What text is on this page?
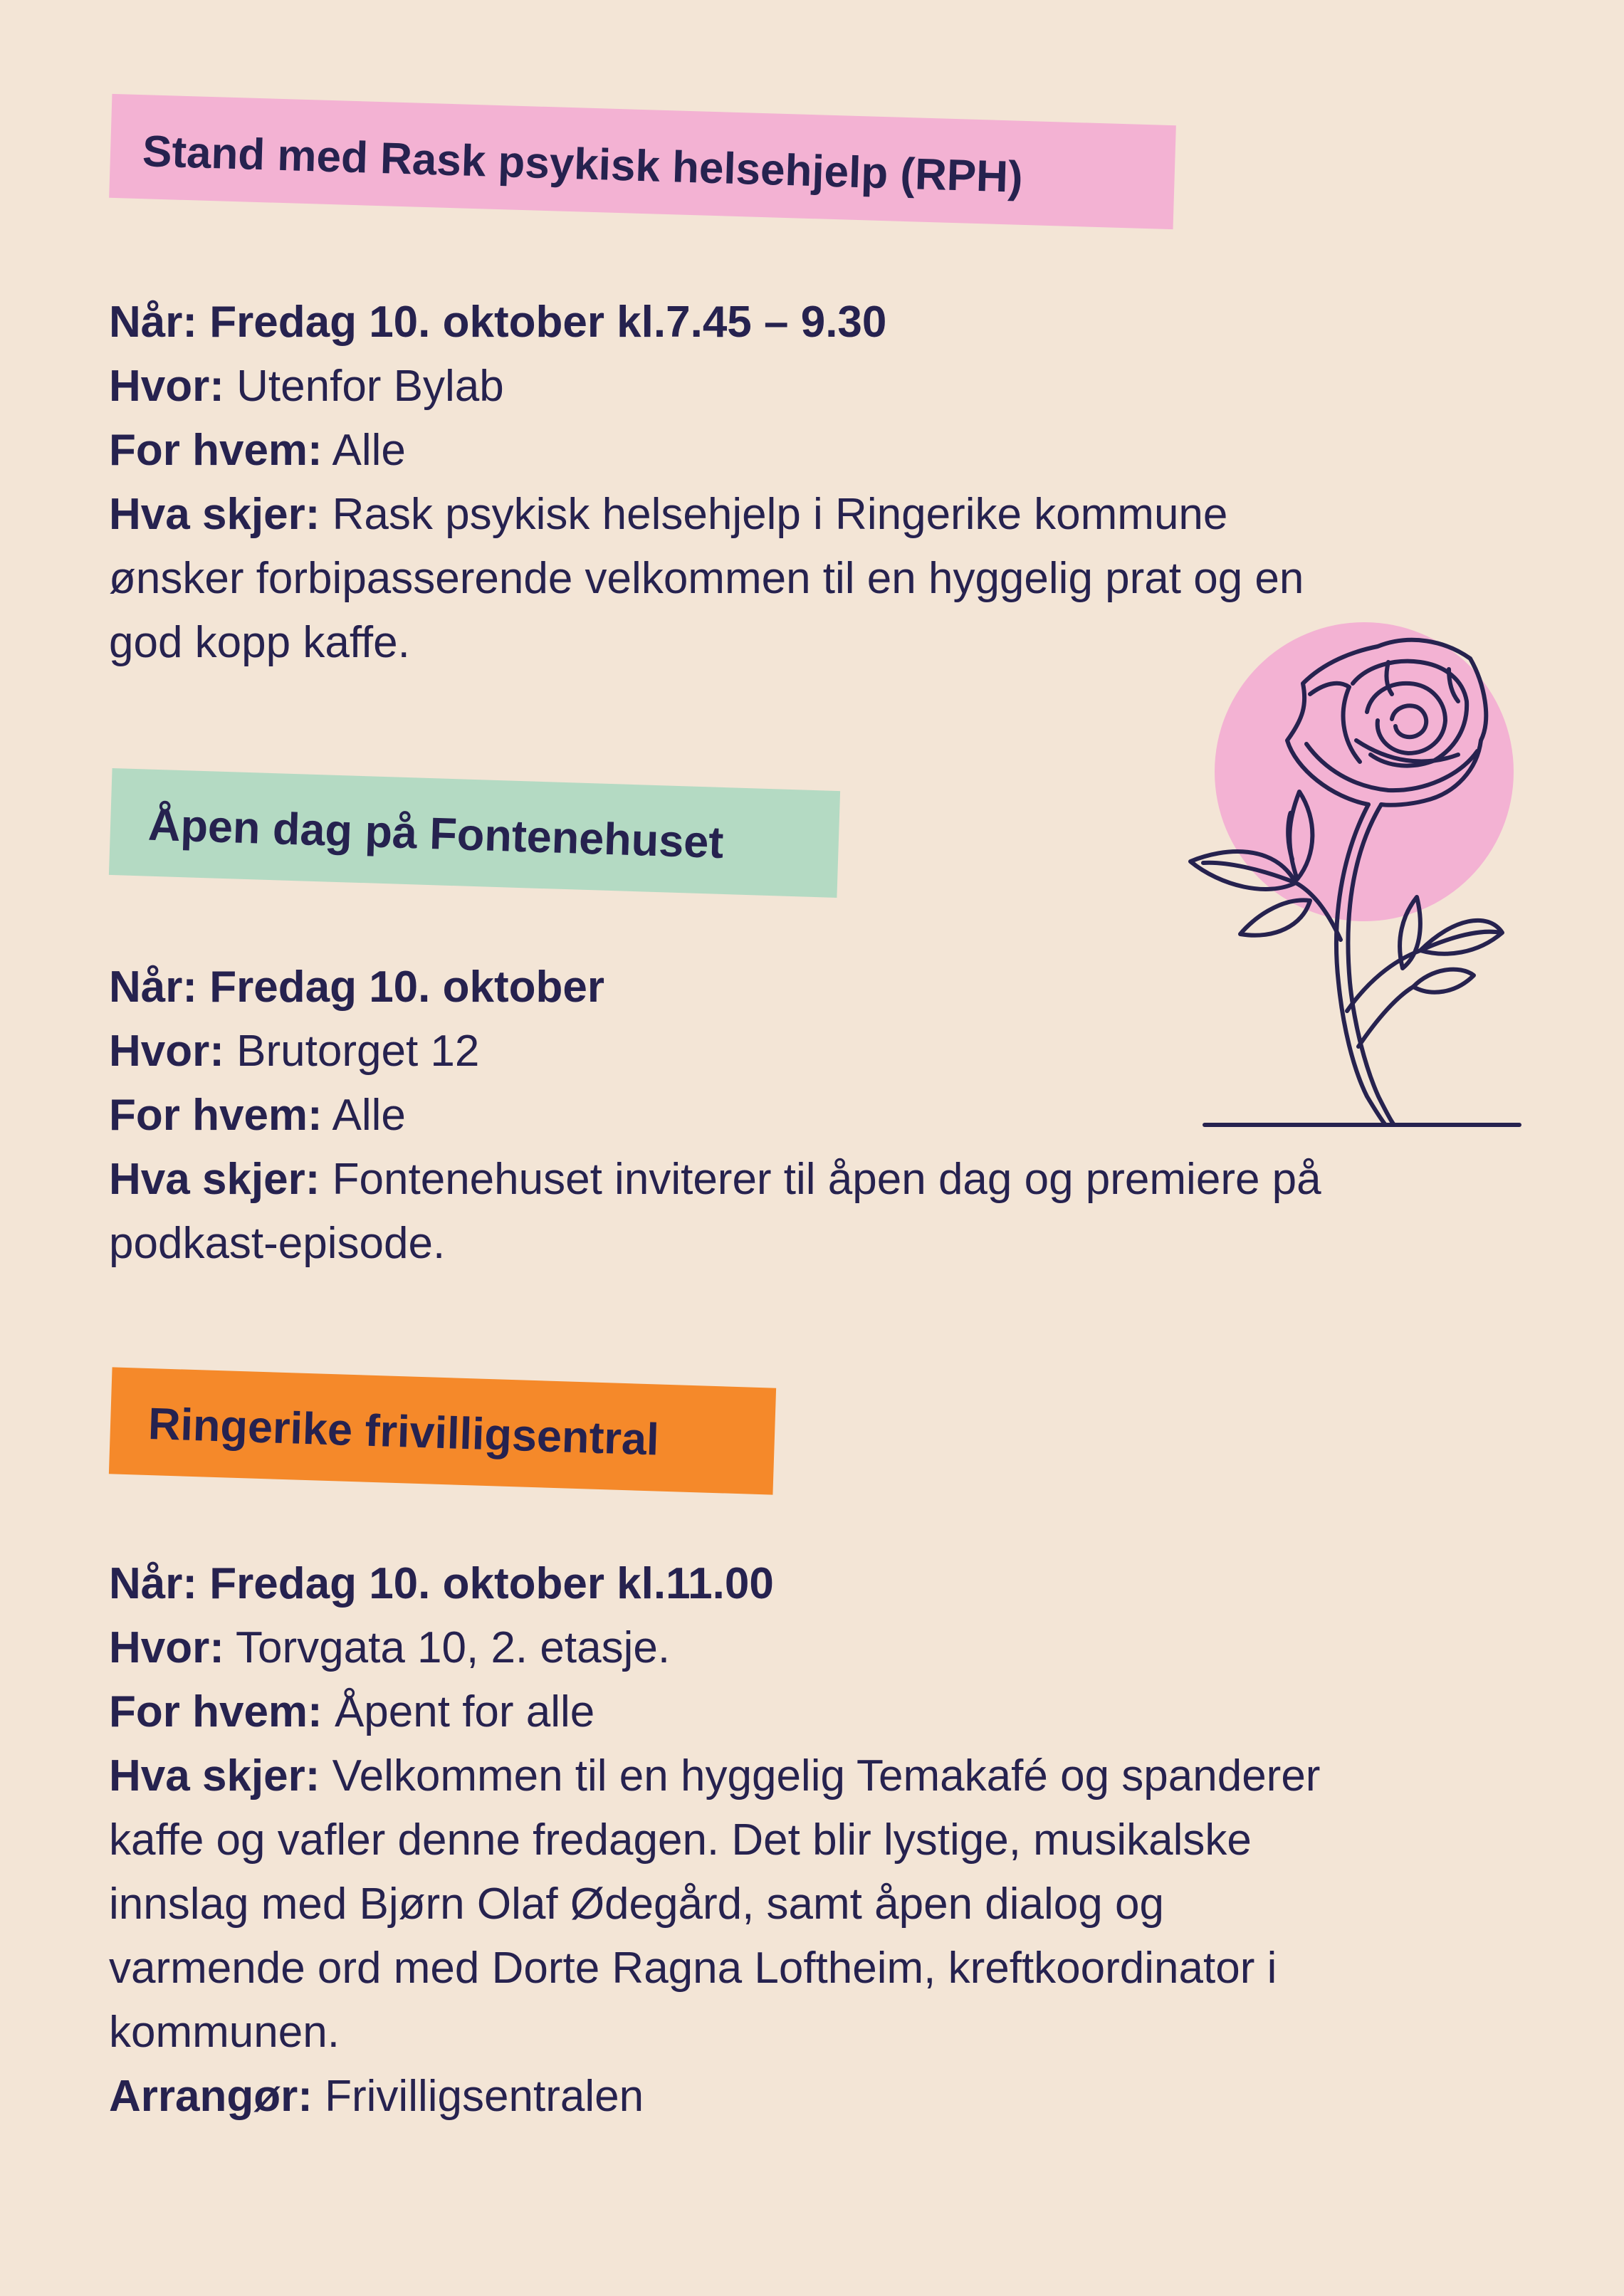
Stand med Rask psykisk helsehjelp (RPH)
Når: Fredag 10. oktober kl.7.45 – 9.30
Hvor: Utenfor Bylab
For hvem: Alle
Hva skjer: Rask psykisk helsehjelp i Ringerike kommune
ønsker forbipasserende velkommen til en hyggelig prat og en
god kopp kaffe.
Åpen dag på Fontenehuset
Når: Fredag 10. oktober
Hvor: Brutorget 12
For hvem: Alle
Hva skjer: Fontenehuset inviterer til åpen dag og premiere på
podkast-episode.
Ringerike frivilligsentral
Når: Fredag 10. oktober kl.11.00
Hvor: Torvgata 10, 2. etasje.
For hvem: Åpent for alle
Hva skjer: Velkommen til en hyggelig Temakafé og spanderer
kaffe og vafler denne fredagen. Det blir lystige, musikalske
innslag med Bjørn Olaf Ødegård, samt åpen dialog og
varmende ord med Dorte Ragna Loftheim, kreftkoordinator i
kommunen.
Arrangør: Frivilligsentralen
